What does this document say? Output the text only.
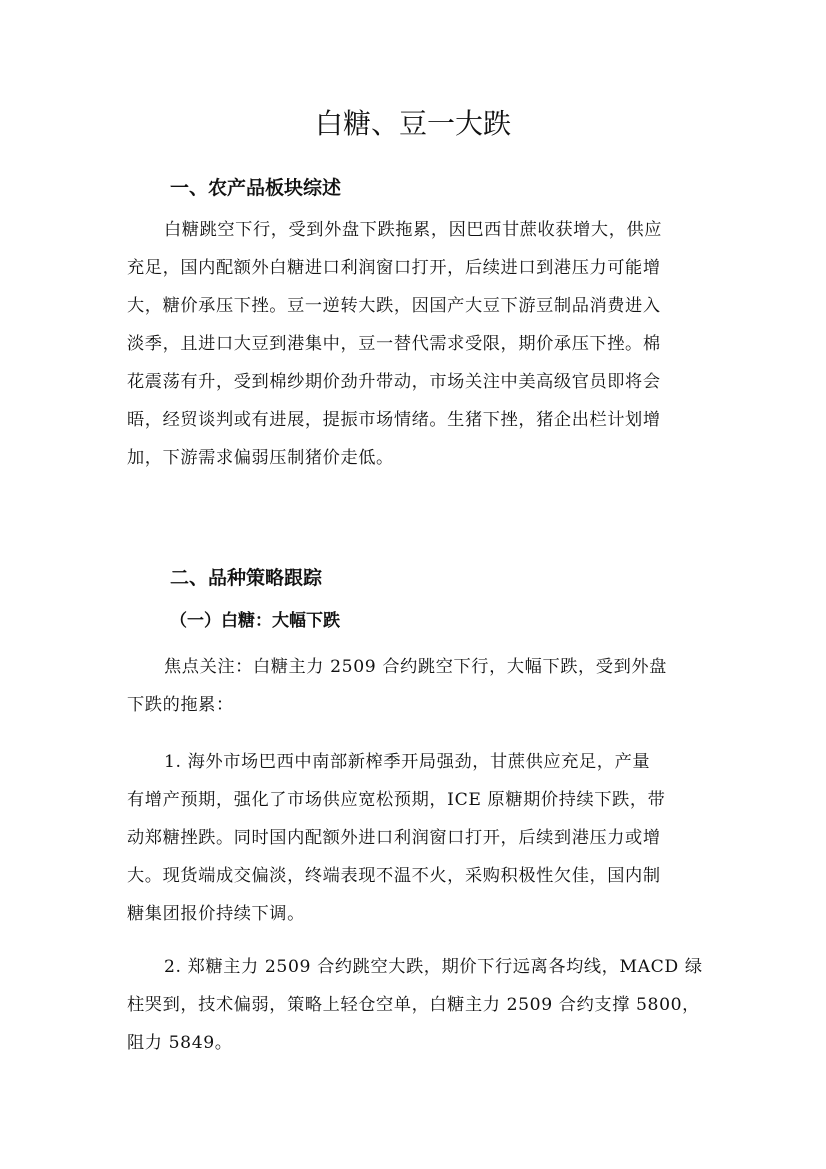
白糖、豆一大跌
一、农产品板块综述
白糖跳空下行，受到外盘下跌拖累，因巴西甘蔗收获增大，供应
充足，国内配额外白糖进口利润窗口打开，后续进口到港压力可能增
大，糖价承压下挫。豆一逆转大跌，因国产大豆下游豆制品消费进入
淡季，且进口大豆到港集中，豆一替代需求受限，期价承压下挫。棉
花震荡有升，受到棉纱期价劲升带动，市场关注中美高级官员即将会
晤，经贸谈判或有进展，提振市场情绪。生猪下挫，猪企出栏计划增
加，下游需求偏弱压制猪价走低。
二、品种策略跟踪
（一）白糖：大幅下跌
焦点关注：白糖主力 2509 合约跳空下行，大幅下跌，受到外盘
下跌的拖累：
1. 海外市场巴西中南部新榨季开局强劲，甘蔗供应充足，产量
有增产预期，强化了市场供应宽松预期，ICE 原糖期价持续下跌，带
动郑糖挫跌。同时国内配额外进口利润窗口打开，后续到港压力或增
大。现货端成交偏淡，终端表现不温不火，采购积极性欠佳，国内制
糖集团报价持续下调。
2. 郑糖主力 2509 合约跳空大跌，期价下行远离各均线，MACD 绿
柱哭到，技术偏弱，策略上轻仓空单，白糖主力 2509 合约支撑 5800，
阻力 5849。
